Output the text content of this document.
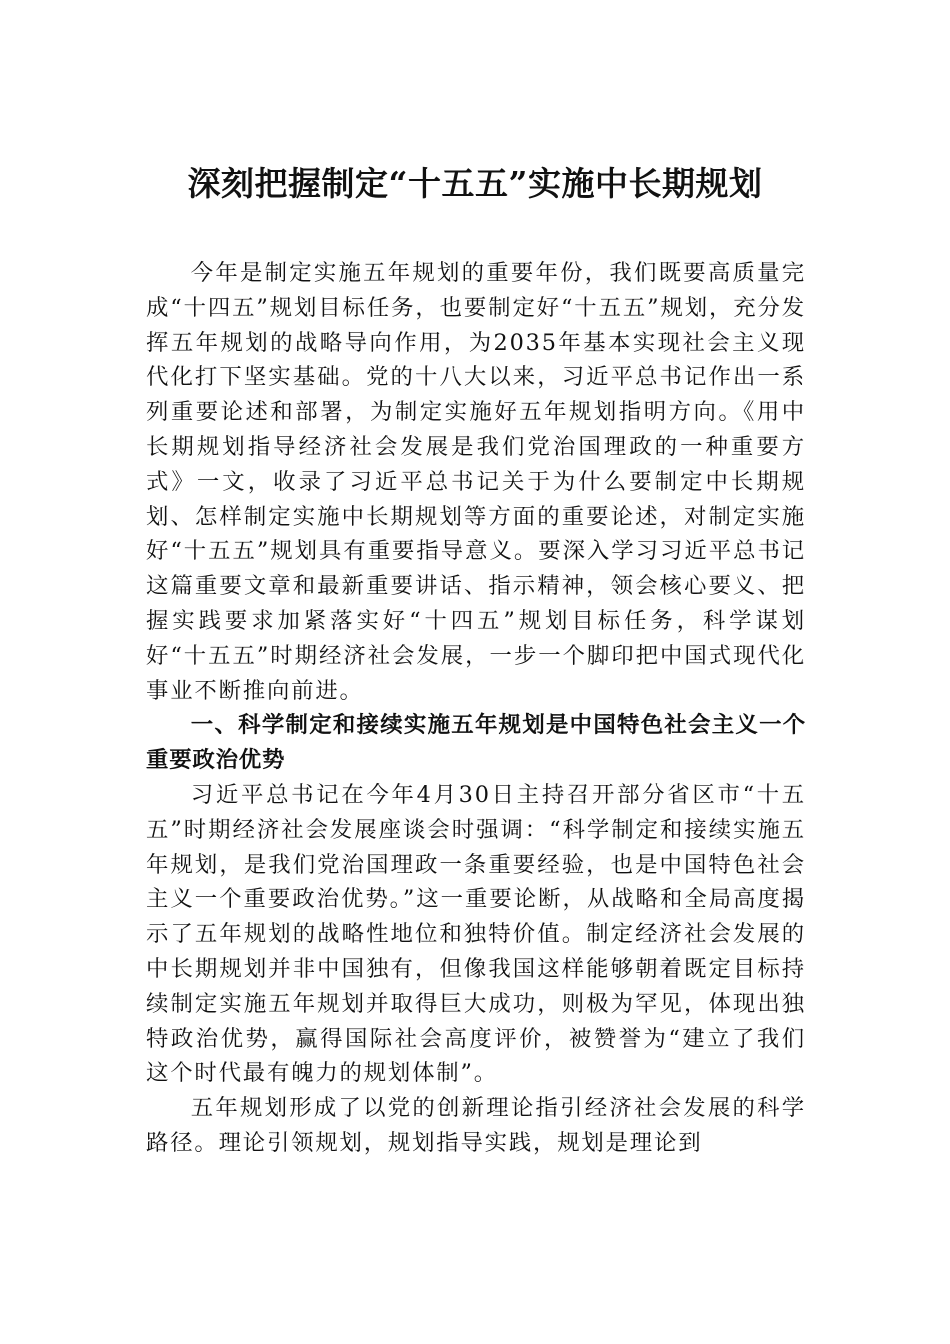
深刻把握制定“十五五”实施中长期规划

今年是制定实施五年规划的重要年份，我们既要高质量完成“十四五”规划目标任务，也要制定好“十五五”规划，充分发挥五年规划的战略导向作用，为2035年基本实现社会主义现代化打下坚实基础。党的十八大以来，习近平总书记作出一系列重要论述和部署，为制定实施好五年规划指明方向。《用中长期规划指导经济社会发展是我们党治国理政的一种重要方式》一文，收录了习近平总书记关于为什么要制定中长期规划、怎样制定实施中长期规划等方面的重要论述，对制定实施好“十五五”规划具有重要指导意义。要深入学习习近平总书记这篇重要文章和最新重要讲话、指示精神，领会核心要义、把握实践要求加紧落实好“十四五”规划目标任务，科学谋划好“十五五”时期经济社会发展，一步一个脚印把中国式现代化事业不断推向前进。

一、科学制定和接续实施五年规划是中国特色社会主义一个重要政治优势

习近平总书记在今年4月30日主持召开部分省区市“十五五”时期经济社会发展座谈会时强调：“科学制定和接续实施五年规划，是我们党治国理政一条重要经验，也是中国特色社会主义一个重要政治优势。”这一重要论断，从战略和全局高度揭示了五年规划的战略性地位和独特价值。制定经济社会发展的中长期规划并非中国独有，但像我国这样能够朝着既定目标持续制定实施五年规划并取得巨大成功，则极为罕见，体现出独特政治优势，赢得国际社会高度评价，被赞誉为“建立了我们这个时代最有魄力的规划体制”。

五年规划形成了以党的创新理论指引经济社会发展的科学路径。理论引领规划，规划指导实践，规划是理论到
